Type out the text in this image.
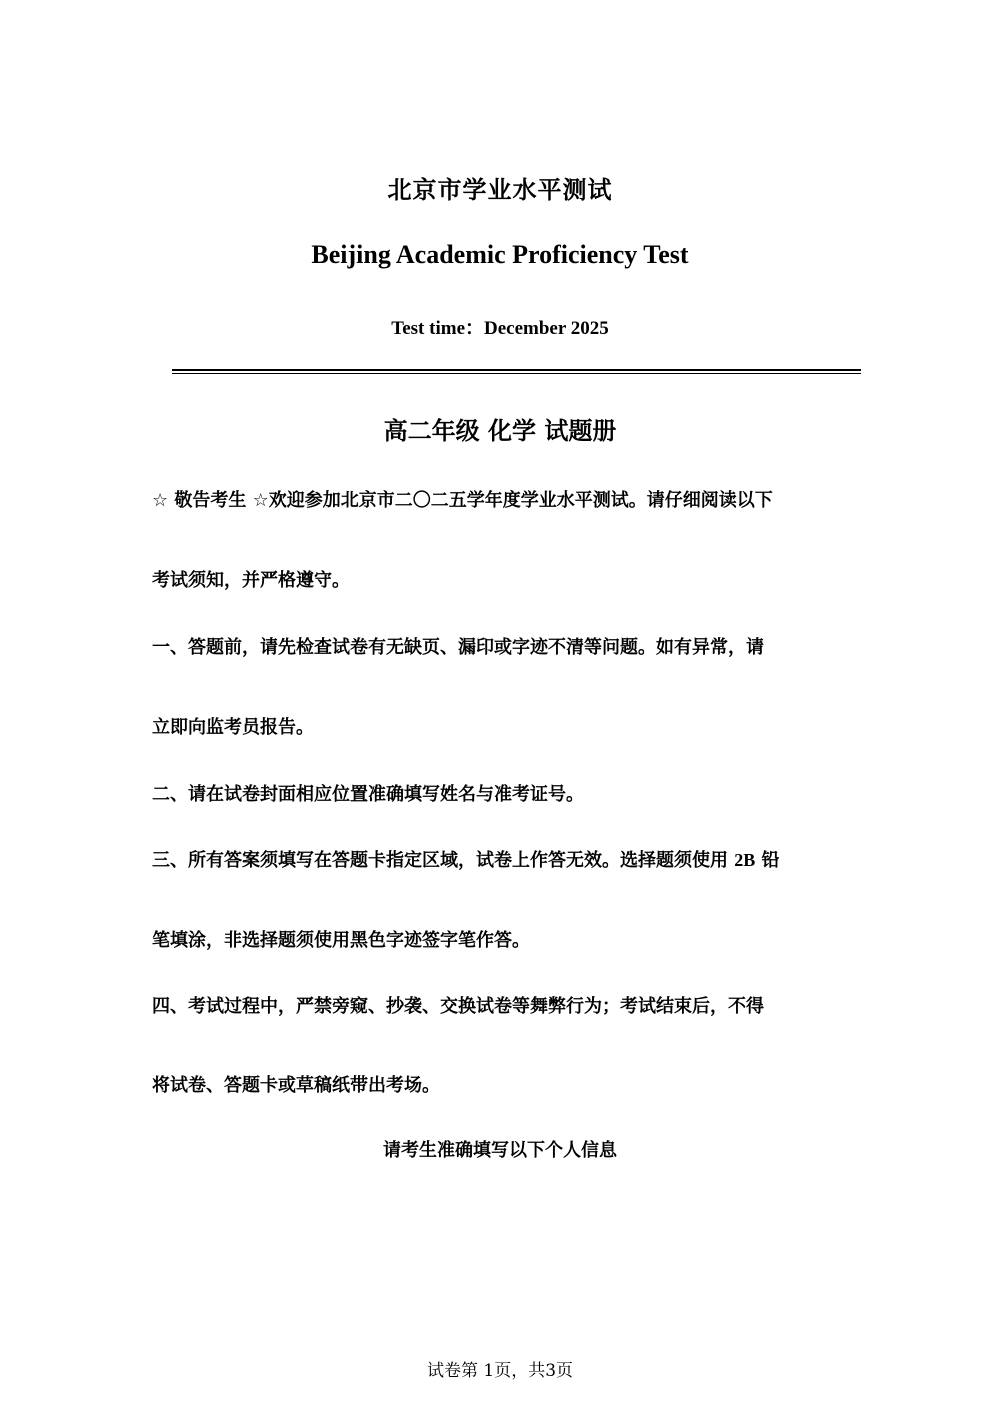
北京市学业水平测试
Beijing Academic Proficiency Test
Test time：December 2025
高二年级 化学 试题册

☆ 敬告考生 ☆欢迎参加北京市二〇二五学年度学业水平测试。请仔细阅读以下

考试须知，并严格遵守。

一、答题前，请先检查试卷有无缺页、漏印或字迹不清等问题。如有异常，请

立即向监考员报告。

二、请在试卷封面相应位置准确填写姓名与准考证号。

三、所有答案须填写在答题卡指定区域，试卷上作答无效。选择题须使用 2B 铅

笔填涂，非选择题须使用黑色字迹签字笔作答。

四、考试过程中，严禁旁窥、抄袭、交换试卷等舞弊行为；考试结束后，不得

将试卷、答题卡或草稿纸带出考场。

请考生准确填写以下个人信息

试卷第 1页，共3页
